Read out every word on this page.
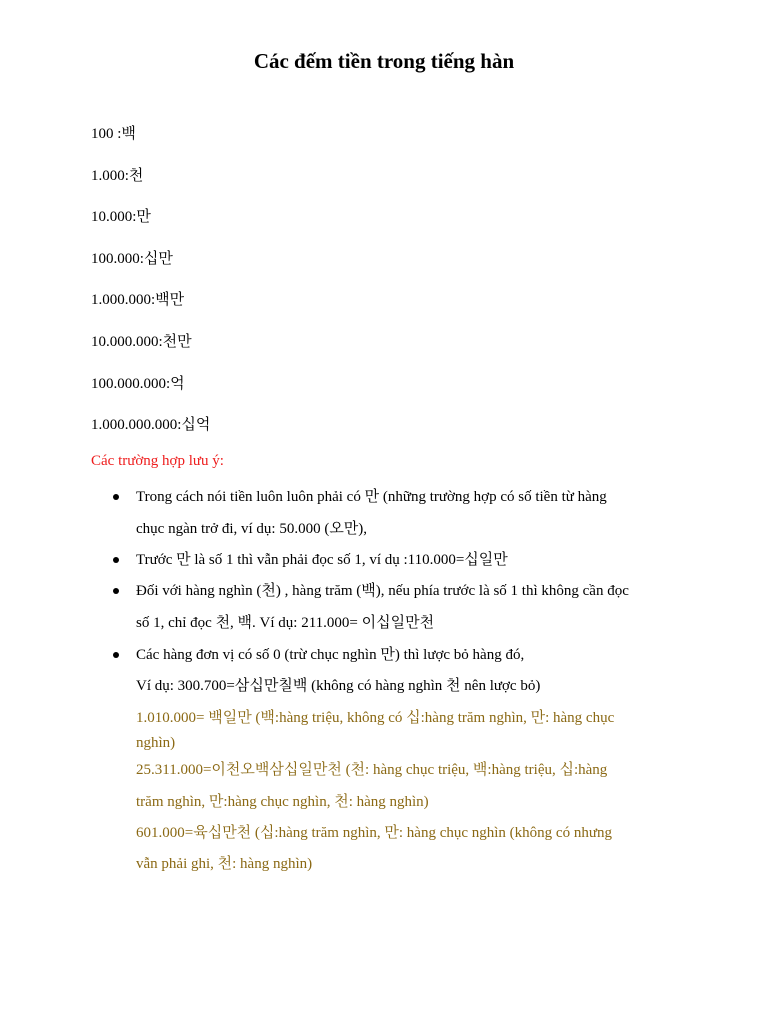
Các đếm tiền trong tiếng hàn
100 :백
1.000:천
10.000:만
100.000:십만
1.000.000:백만
10.000.000:천만
100.000.000:억
1.000.000.000:십억
Các trường hợp lưu ý:
Trong cách nói tiền luôn luôn phải có 만 (những trường hợp có số tiền từ hàng
chục ngàn trở đi, ví dụ: 50.000 (오만),
Trước 만 là số 1 thì vẫn phải đọc số 1, ví dụ :110.000=십일만
Đối với hàng nghìn (천) , hàng trăm (백), nếu phía trước là số 1 thì không cần đọc
số 1, chỉ đọc 천, 백. Ví dụ: 211.000= 이십일만천
Các hàng đơn vị có số 0 (trừ chục nghìn 만) thì lược bỏ hàng đó,
Ví dụ: 300.700=삼십만칠백 (không có hàng nghìn 천 nên lược bỏ)
1.010.000= 백일만 (백:hàng triệu, không có 십:hàng trăm nghìn, 만: hàng chục
nghìn)
25.311.000=이천오백삼십일만천 (천: hàng chục triệu, 백:hàng triệu, 십:hàng
trăm nghìn, 만:hàng chục nghìn, 천: hàng nghìn)
601.000=육십만천 (십:hàng trăm nghìn, 만: hàng chục nghìn (không có nhưng
vẫn phải ghi, 천: hàng nghìn)
